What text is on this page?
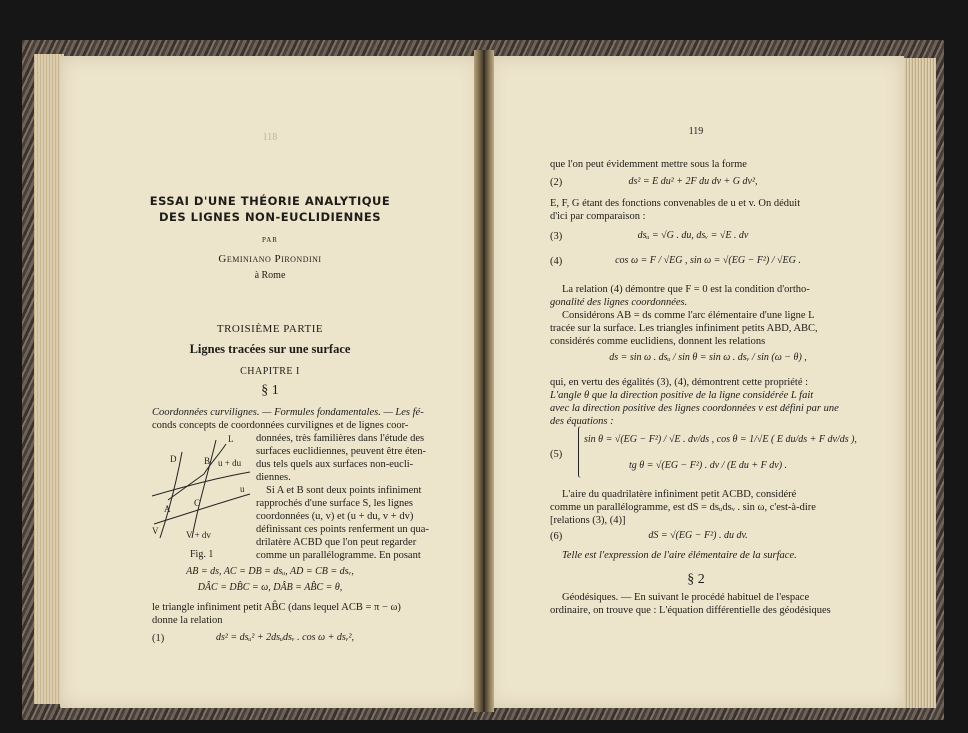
118
ESSAI D'UNE THÉORIE ANALYTIQUE
DES LIGNES NON-EUCLIDIENNES
PAR
Geminiano Pirondini
à Rome
TROISIÈME PARTIE
Lignes tracées sur une surface
CHAPITRE I
§ 1
Coordonnées curvilignes. — Formules fondamentales. — Les fé-
conds concepts de coordonnées curvilignes et de lignes coor-
données, très familières dans l'étude des
surfaces euclidiennes, peuvent être éten-
dus tels quels aux surfaces non-eucli-
diennes.
Si A et B sont deux points infiniment
rapprochés d'une surface S, les lignes
coordonnées (u, v) et (u + du, v + dv)
définissant ces points renferment un qua-
drilatère ACBD que l'on peut regarder
comme un parallélogramme. En posant
L
D	B u + du
u
A
C
V	V + dv
Fig. 1
AB = ds, AC = DB = dsᵤ, AD = CB = dsᵥ,
DÂC = DB̂C = ω, DÂB = AB̂C = θ,
le triangle infiniment petit AB̂C (dans lequel ACB = π − ω)
donne la relation
(1)	ds² = dsᵤ² + 2dsᵤdsᵥ . cos ω + dsᵥ²,
119
que l'on peut évidemment mettre sous la forme
(2)	ds² = E du² + 2F du dv + G dv²,
E, F, G étant des fonctions convenables de u et v. On déduit
d'ici par comparaison :
(3)	dsᵤ = √G . du, dsᵥ = √E . dv
(4)	cos ω = F / √EG , sin ω = √(EG − F²) / √EG .
La relation (4) démontre que F = 0 est la condition d'ortho-
gonalité des lignes coordonnées.
Considérons AB = ds comme l'arc élémentaire d'une ligne L
tracée sur la surface. Les triangles infiniment petits ABD, ABC,
considérés comme euclidiens, donnent les relations
ds = sin ω . dsᵤ / sin θ = sin ω . dsᵥ / sin (ω − θ) ,
qui, en vertu des égalités (3), (4), démontrent cette propriété :
L'angle θ que la direction positive de la ligne considérée L fait
avec la direction positive des lignes coordonnées v est défini par une
des équations :
(5)
sin θ = √(EG − F²) / √E . dv/ds , cos θ = 1/√E ( E du/ds + F dv/ds ),
tg θ = √(EG − F²) . dv / (E du + F dv) .
L'aire du quadrilatère infiniment petit ACBD, considéré
comme un parallélogramme, est dS = dsᵤdsᵥ . sin ω, c'est-à-dire
[relations (3), (4)]
(6)	dS = √(EG − F²) . du dv.
Telle est l'expression de l'aire élémentaire de la surface.
§ 2
Géodésiques. — En suivant le procédé habituel de l'espace
ordinaire, on trouve que : L'équation différentielle des géodésiques
